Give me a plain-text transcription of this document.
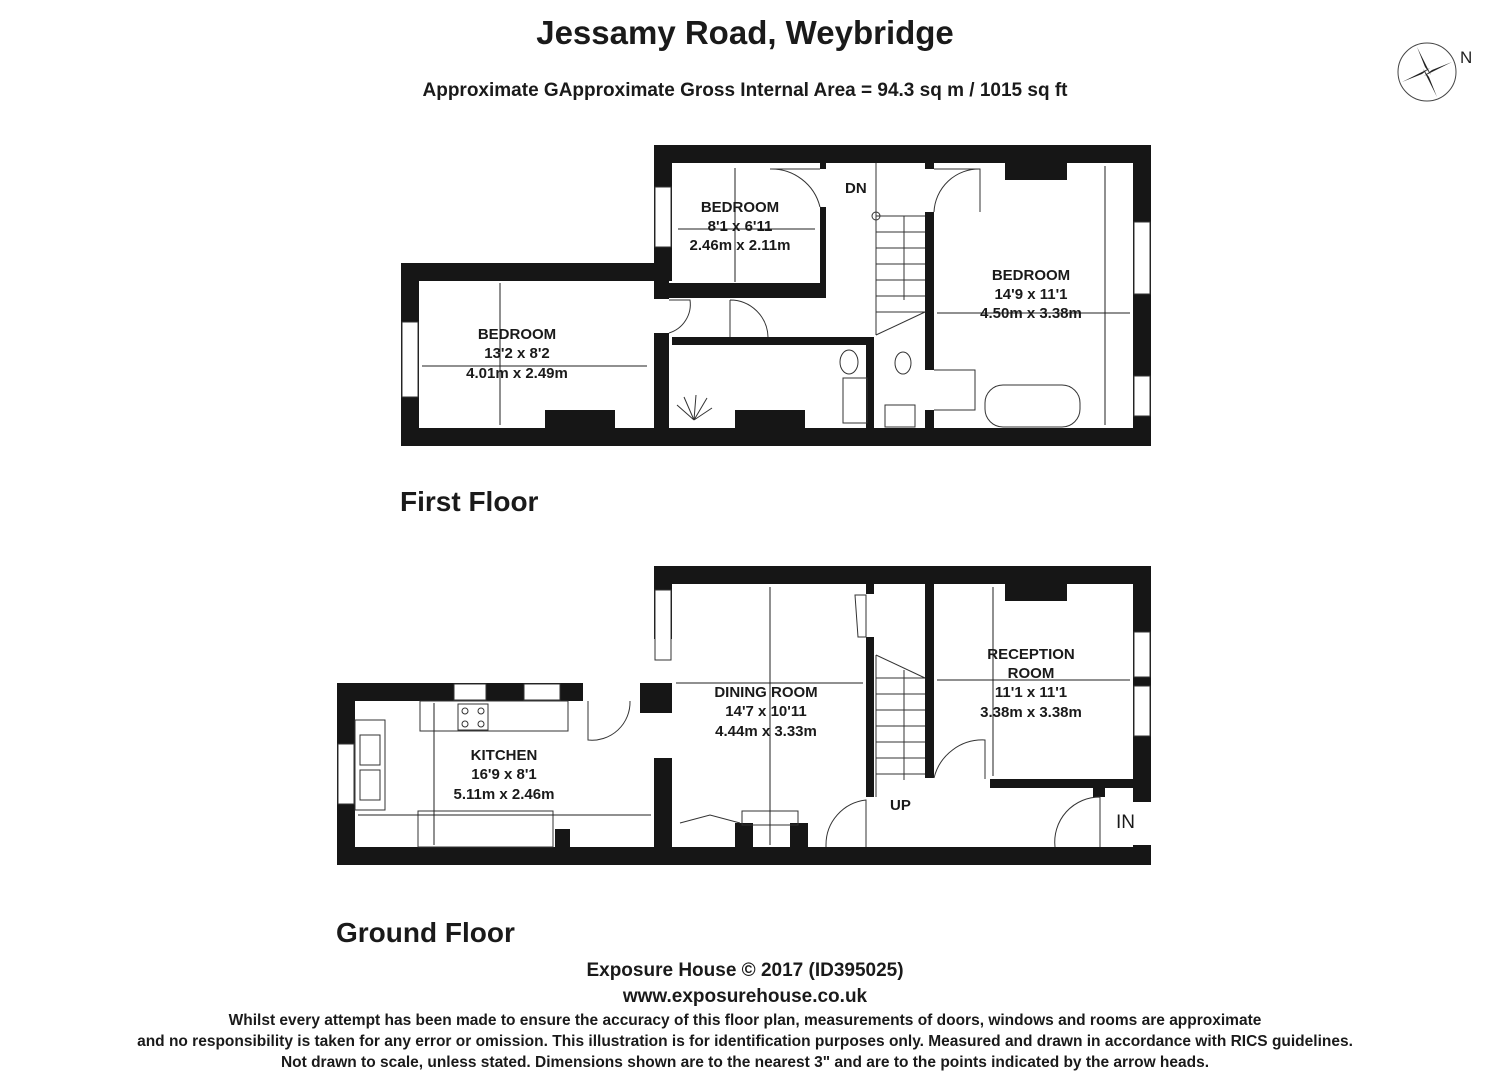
Jessamy Road, Weybridge
Approximate GApproximate Gross Internal Area = 94.3 sq m / 1015 sq ft
N
BEDROOM
8'1 x 6'11
2.46m x 2.11m
BEDROOM
14'9 x 11'1
4.50m x 3.38m
BEDROOM
13'2 x 8'2
4.01m x 2.49m
DN
KITCHEN
16'9 x 8'1
5.11m x 2.46m
DINING ROOM
14'7 x 10'11
4.44m x 3.33m
RECEPTION
ROOM
11'1 x 11'1
3.38m x 3.38m
UP
IN
First Floor
Ground Floor
Exposure House © 2017 (ID395025)
www.exposurehouse.co.uk
Whilst every attempt has been made to ensure the accuracy of this floor plan, measurements of doors, windows and rooms are approximate
and no responsibility is taken for any error or omission. This illustration is for identification purposes only. Measured and drawn in accordance with RICS guidelines.
Not drawn to scale, unless stated. Dimensions shown are to the nearest 3" and are to the points indicated by the arrow heads.
